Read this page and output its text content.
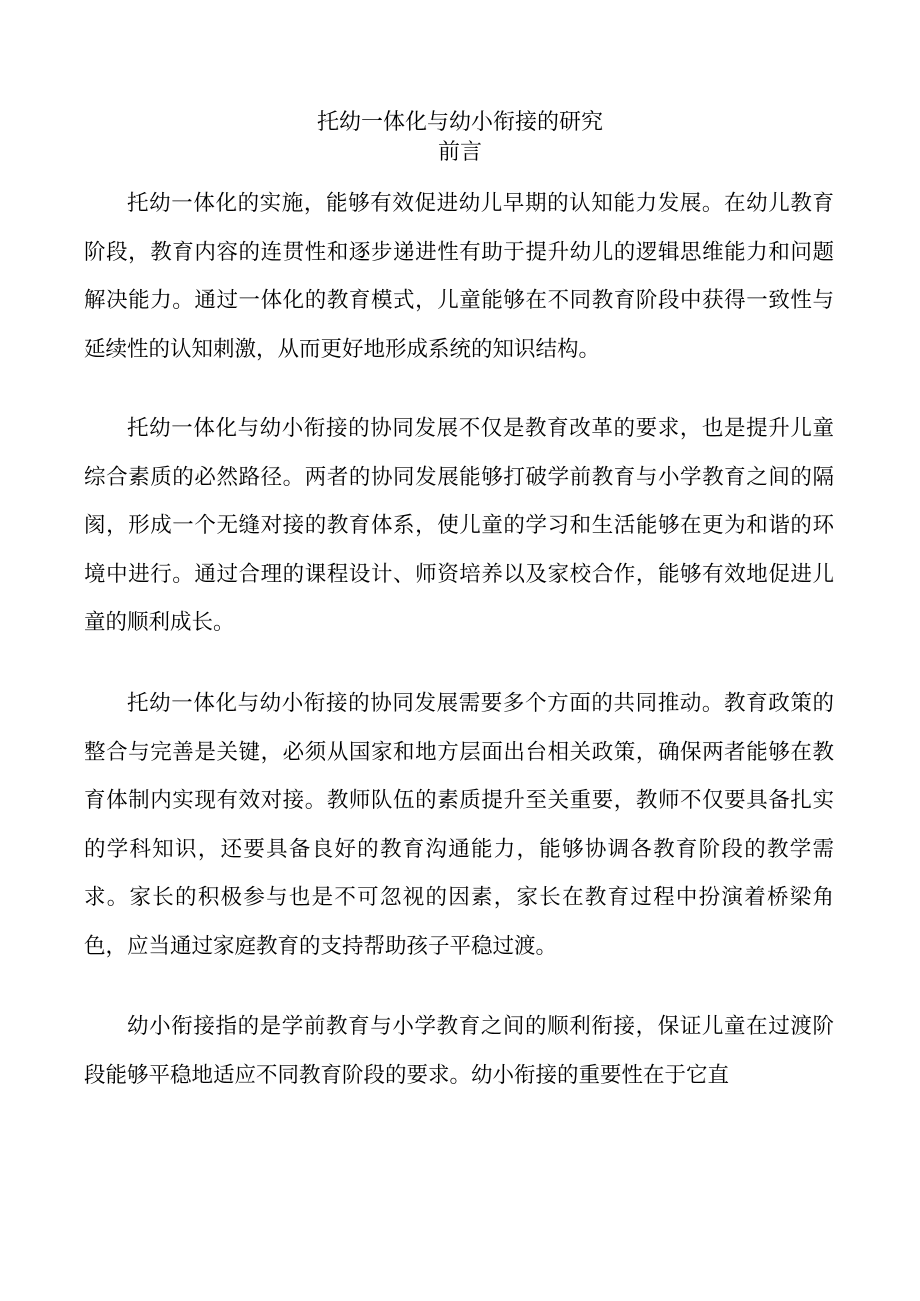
托幼一体化与幼小衔接的研究
前言

托幼一体化的实施，能够有效促进幼儿早期的认知能力发展。在幼儿教育阶段，教育内容的连贯性和逐步递进性有助于提升幼儿的逻辑思维能力和问题解决能力。通过一体化的教育模式，儿童能够在不同教育阶段中获得一致性与延续性的认知刺激，从而更好地形成系统的知识结构。

托幼一体化与幼小衔接的协同发展不仅是教育改革的要求，也是提升儿童综合素质的必然路径。两者的协同发展能够打破学前教育与小学教育之间的隔阂，形成一个无缝对接的教育体系，使儿童的学习和生活能够在更为和谐的环境中进行。通过合理的课程设计、师资培养以及家校合作，能够有效地促进儿童的顺利成长。

托幼一体化与幼小衔接的协同发展需要多个方面的共同推动。教育政策的整合与完善是关键，必须从国家和地方层面出台相关政策，确保两者能够在教育体制内实现有效对接。教师队伍的素质提升至关重要，教师不仅要具备扎实的学科知识，还要具备良好的教育沟通能力，能够协调各教育阶段的教学需求。家长的积极参与也是不可忽视的因素，家长在教育过程中扮演着桥梁角色，应当通过家庭教育的支持帮助孩子平稳过渡。

幼小衔接指的是学前教育与小学教育之间的顺利衔接，保证儿童在过渡阶段能够平稳地适应不同教育阶段的要求。幼小衔接的重要性在于它直
